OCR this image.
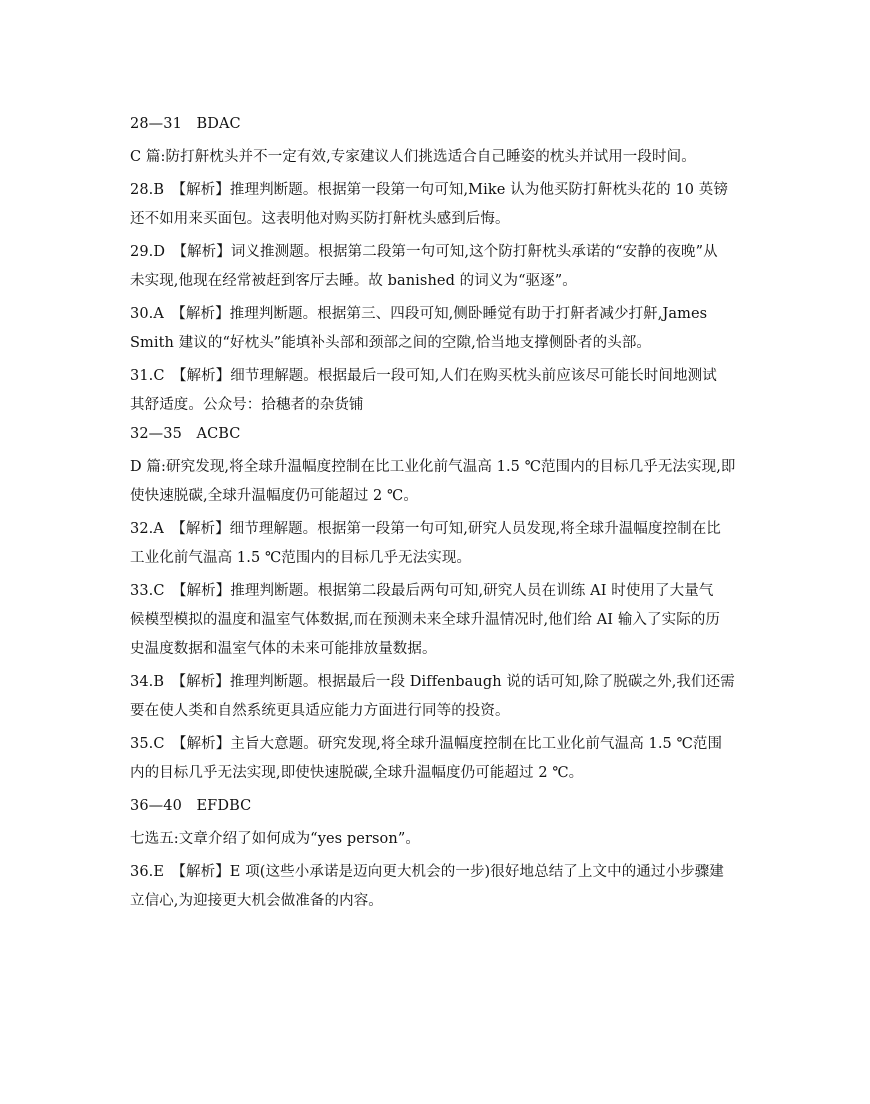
28—31　BDAC
C 篇:防打鼾枕头并不一定有效,专家建议人们挑选适合自己睡姿的枕头并试用一段时间。
28.B　【解析】推理判断题。根据第一段第一句可知,Mike 认为他买防打鼾枕头花的 10 英镑
还不如用来买面包。这表明他对购买防打鼾枕头感到后悔。
29.D　【解析】词义推测题。根据第二段第一句可知,这个防打鼾枕头承诺的“安静的夜晚”从
未实现,他现在经常被赶到客厅去睡。故 banished 的词义为“驱逐”。
30.A　【解析】推理判断题。根据第三、四段可知,侧卧睡觉有助于打鼾者减少打鼾,James
Smith 建议的“好枕头”能填补头部和颈部之间的空隙,恰当地支撑侧卧者的头部。
31.C　【解析】细节理解题。根据最后一段可知,人们在购买枕头前应该尽可能长时间地测试
其舒适度。公众号：拾穗者的杂货铺
32—35　ACBC
D 篇:研究发现,将全球升温幅度控制在比工业化前气温高 1.5 ℃范围内的目标几乎无法实现,即
使快速脱碳,全球升温幅度仍可能超过 2 ℃。
32.A　【解析】细节理解题。根据第一段第一句可知,研究人员发现,将全球升温幅度控制在比
工业化前气温高 1.5 ℃范围内的目标几乎无法实现。
33.C　【解析】推理判断题。根据第二段最后两句可知,研究人员在训练 AI 时使用了大量气
候模型模拟的温度和温室气体数据,而在预测未来全球升温情况时,他们给 AI 输入了实际的历
史温度数据和温室气体的未来可能排放量数据。
34.B　【解析】推理判断题。根据最后一段 Diffenbaugh 说的话可知,除了脱碳之外,我们还需
要在使人类和自然系统更具适应能力方面进行同等的投资。
35.C　【解析】主旨大意题。研究发现,将全球升温幅度控制在比工业化前气温高 1.5 ℃范围
内的目标几乎无法实现,即使快速脱碳,全球升温幅度仍可能超过 2 ℃。
36—40　EFDBC
七选五:文章介绍了如何成为“yes person”。
36.E　【解析】E 项(这些小承诺是迈向更大机会的一步)很好地总结了上文中的通过小步骤建
立信心,为迎接更大机会做准备的内容。
